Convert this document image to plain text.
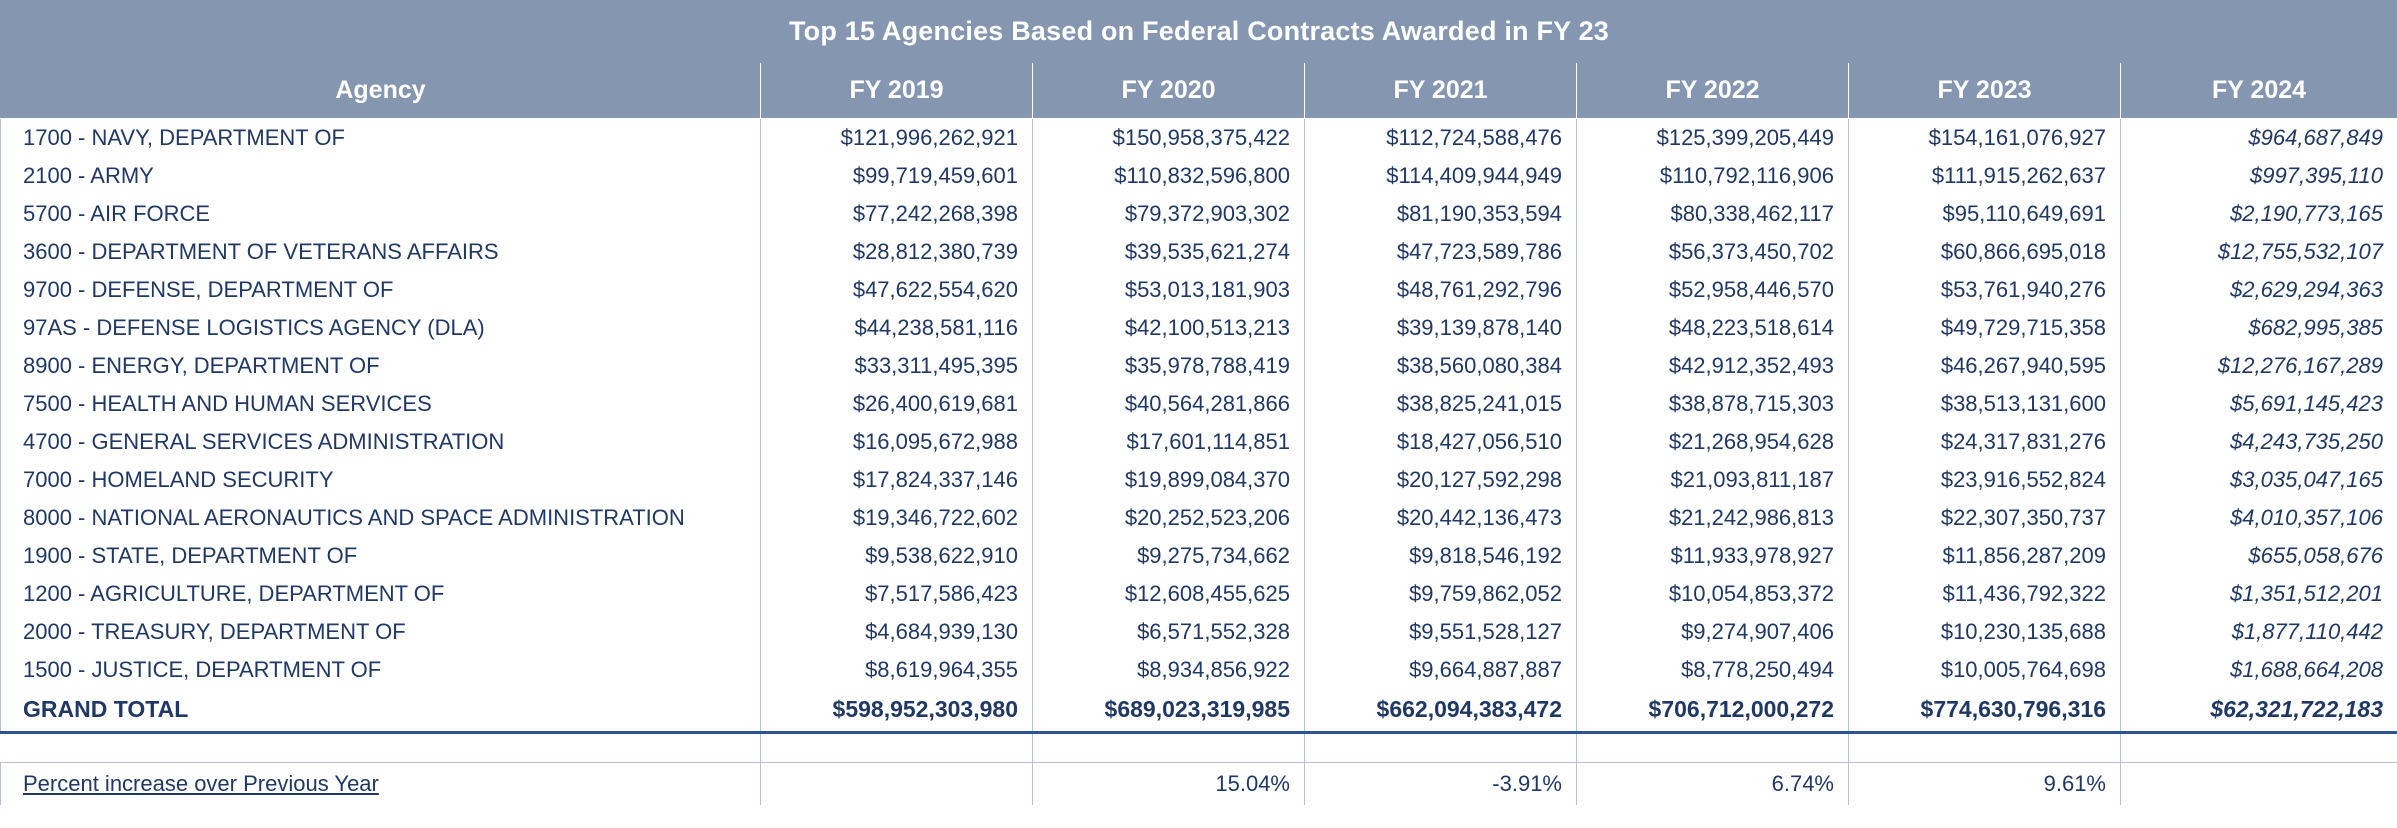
Top 15 Agencies Based on Federal Contracts Awarded in FY 23						
Agency	FY 2019	FY 2020	FY 2021	FY 2022	FY 2023	FY 2024
1700 - NAVY, DEPARTMENT OF	$121,996,262,921	$150,958,375,422	$112,724,588,476	$125,399,205,449	$154,161,076,927	$964,687,849
2100 - ARMY	$99,719,459,601	$110,832,596,800	$114,409,944,949	$110,792,116,906	$111,915,262,637	$997,395,110
5700 - AIR FORCE	$77,242,268,398	$79,372,903,302	$81,190,353,594	$80,338,462,117	$95,110,649,691	$2,190,773,165
3600 - DEPARTMENT OF VETERANS AFFAIRS	$28,812,380,739	$39,535,621,274	$47,723,589,786	$56,373,450,702	$60,866,695,018	$12,755,532,107
9700 - DEFENSE, DEPARTMENT OF	$47,622,554,620	$53,013,181,903	$48,761,292,796	$52,958,446,570	$53,761,940,276	$2,629,294,363
97AS - DEFENSE LOGISTICS AGENCY (DLA)	$44,238,581,116	$42,100,513,213	$39,139,878,140	$48,223,518,614	$49,729,715,358	$682,995,385
8900 - ENERGY, DEPARTMENT OF	$33,311,495,395	$35,978,788,419	$38,560,080,384	$42,912,352,493	$46,267,940,595	$12,276,167,289
7500 - HEALTH AND HUMAN SERVICES	$26,400,619,681	$40,564,281,866	$38,825,241,015	$38,878,715,303	$38,513,131,600	$5,691,145,423
4700 - GENERAL SERVICES ADMINISTRATION	$16,095,672,988	$17,601,114,851	$18,427,056,510	$21,268,954,628	$24,317,831,276	$4,243,735,250
7000 - HOMELAND SECURITY	$17,824,337,146	$19,899,084,370	$20,127,592,298	$21,093,811,187	$23,916,552,824	$3,035,047,165
8000 - NATIONAL AERONAUTICS AND SPACE ADMINISTRATION	$19,346,722,602	$20,252,523,206	$20,442,136,473	$21,242,986,813	$22,307,350,737	$4,010,357,106
1900 - STATE, DEPARTMENT OF	$9,538,622,910	$9,275,734,662	$9,818,546,192	$11,933,978,927	$11,856,287,209	$655,058,676
1200 - AGRICULTURE, DEPARTMENT OF	$7,517,586,423	$12,608,455,625	$9,759,862,052	$10,054,853,372	$11,436,792,322	$1,351,512,201
2000 - TREASURY, DEPARTMENT OF	$4,684,939,130	$6,571,552,328	$9,551,528,127	$9,274,907,406	$10,230,135,688	$1,877,110,442
1500 - JUSTICE, DEPARTMENT OF	$8,619,964,355	$8,934,856,922	$9,664,887,887	$8,778,250,494	$10,005,764,698	$1,688,664,208
GRAND TOTAL	$598,952,303,980	$689,023,319,985	$662,094,383,472	$706,712,000,272	$774,630,796,316	$62,321,722,183

Percent increase over Previous Year		15.04%	-3.91%	6.74%	9.61%	
